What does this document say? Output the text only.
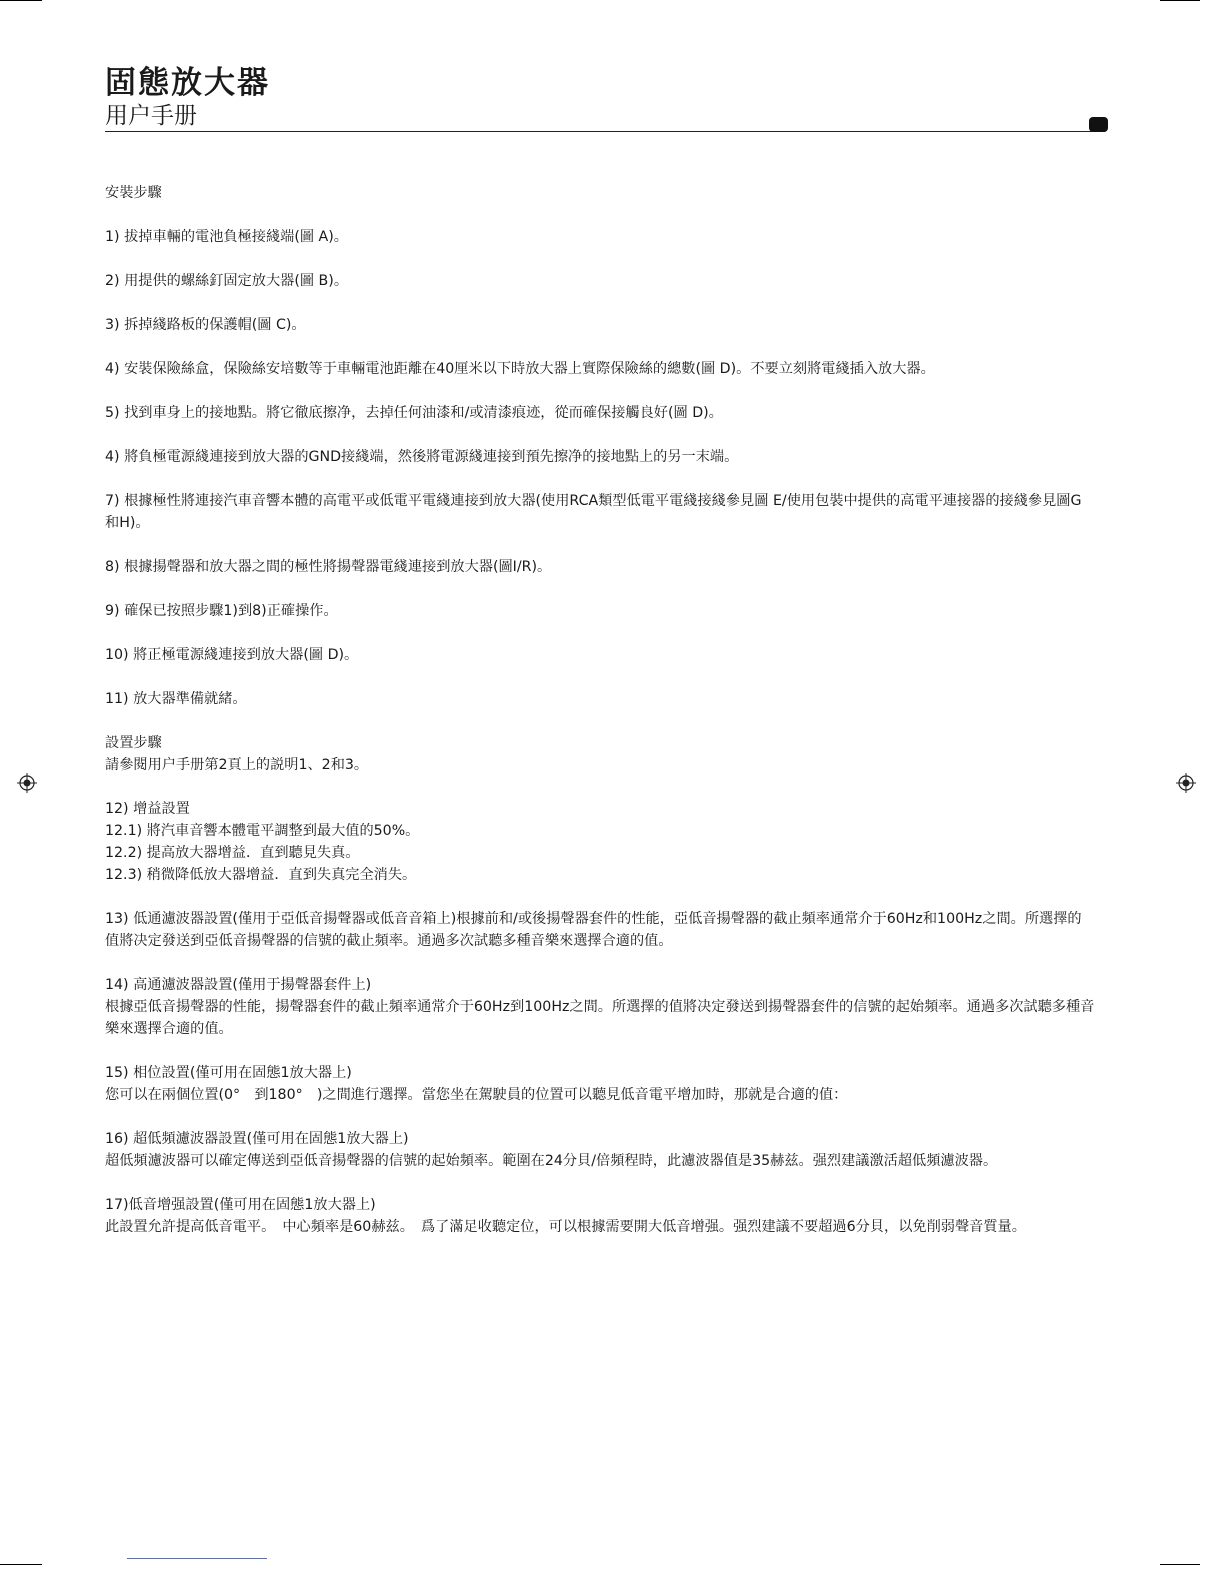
固態放大器
用户手册

安裝步驟

1) 拔掉車輛的電池負極接綫端(圖 A)。

2) 用提供的螺絲釘固定放大器(圖 B)。

3) 拆掉綫路板的保護帽(圖 C)。

4) 安裝保險絲盒，保險絲安培數等于車輛電池距離在40厘米以下時放大器上實際保險絲的總數(圖 D)。不要立刻將電綫插入放大器。

5) 找到車身上的接地點。將它徹底擦净，去掉任何油漆和/或清漆痕迹，從而確保接觸良好(圖 D)。

4) 將負極電源綫連接到放大器的GND接綫端，然後將電源綫連接到預先擦净的接地點上的另一末端。

7) 根據極性將連接汽車音響本體的高電平或低電平電綫連接到放大器(使用RCA類型低電平電綫接綫參見圖 E/使用包裝中提供的高電平連接器的接綫參見圖G和H)。

8) 根據揚聲器和放大器之間的極性將揚聲器電綫連接到放大器(圖I/R)。

9) 確保已按照步驟1)到8)正確操作。

10) 將正極電源綫連接到放大器(圖 D)。

11) 放大器準備就緒。

設置步驟

請參閱用户手册第2頁上的説明1、2和3。

12) 增益設置

12.1) 將汽車音響本體電平調整到最大值的50%。

12.2) 提高放大器增益．直到聽見失真。

12.3) 稍微降低放大器增益．直到失真完全消失。

13) 低通濾波器設置(僅用于亞低音揚聲器或低音音箱上)根據前和/或後揚聲器套件的性能，亞低音揚聲器的截止頻率通常介于60Hz和100Hz之間。所選擇的值將决定發送到亞低音揚聲器的信號的截止頻率。通過多次試聽多種音樂來選擇合適的值。

14) 高通濾波器設置(僅用于揚聲器套件上)

根據亞低音揚聲器的性能，揚聲器套件的截止頻率通常介于60Hz到100Hz之間。所選擇的值將决定發送到揚聲器套件的信號的起始頻率。通過多次試聽多種音樂來選擇合適的值。

15) 相位設置(僅可用在固態1放大器上)

您可以在兩個位置(0°　到180°　)之間進行選擇。當您坐在駕駛員的位置可以聽見低音電平增加時，那就是合適的值：

16) 超低頻濾波器設置(僅可用在固態1放大器上)

超低頻濾波器可以確定傳送到亞低音揚聲器的信號的起始頻率。範圍在24分貝/倍頻程時，此濾波器值是35赫兹。强烈建議激活超低頻濾波器。

17)低音增强設置(僅可用在固態1放大器上)

此設置允許提高低音電平。　中心頻率是60赫兹。　爲了滿足收聽定位，可以根據需要開大低音增强。强烈建議不要超過6分貝，以免削弱聲音質量。
